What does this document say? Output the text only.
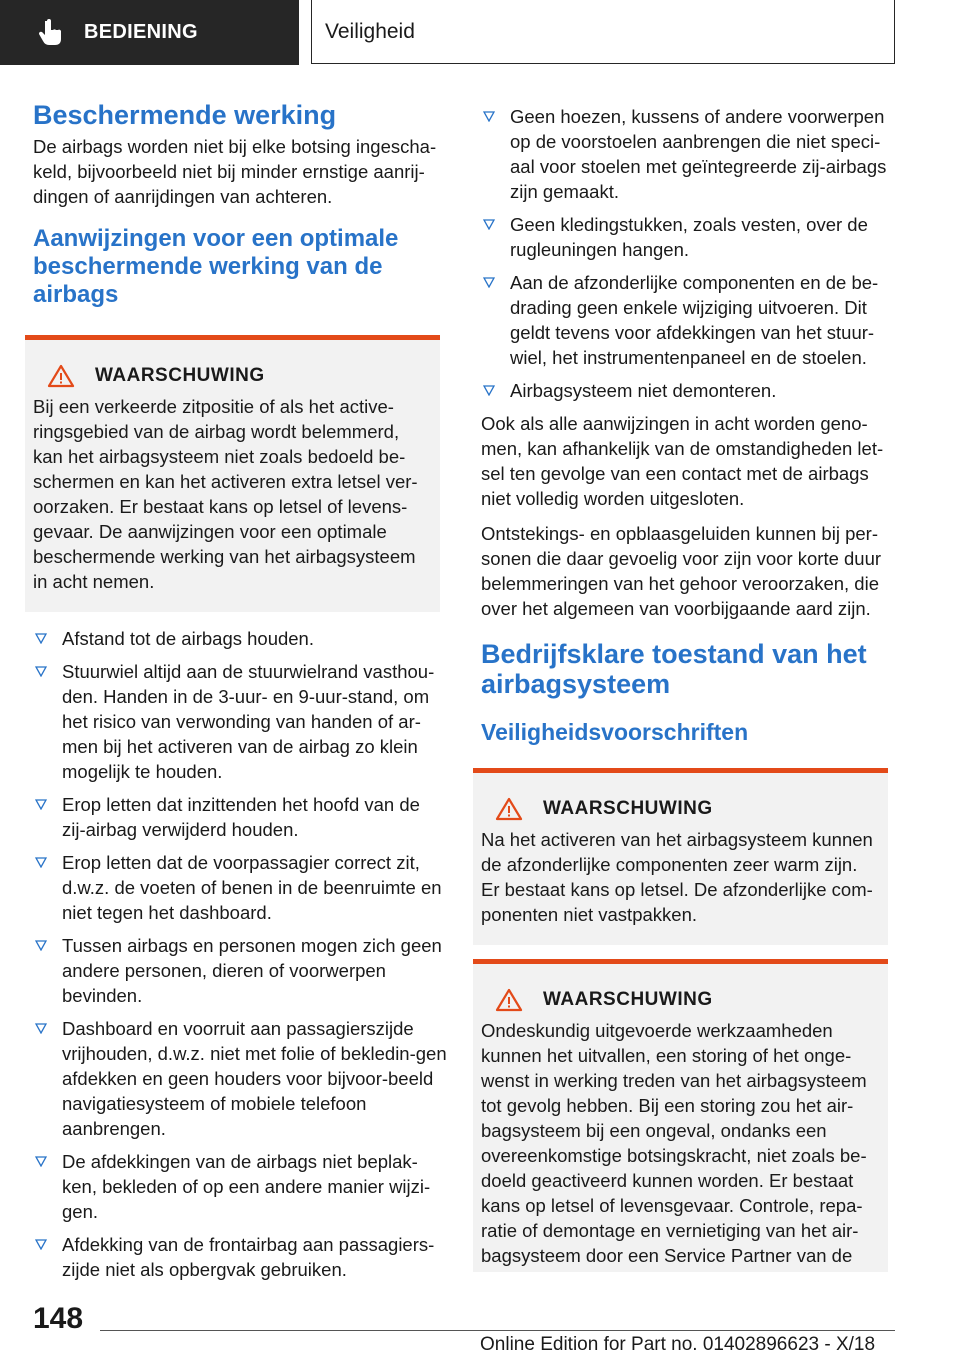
BEDIENING	Veiligheid
Beschermende werking

De airbags worden niet bij elke botsing ingescha-keld, bijvoorbeeld niet bij minder ernstige aanrij-dingen of aanrijdingen van achteren.

Aanwijzingen voor een optimale beschermende werking van de airbags
WAARSCHUWING

Bij een verkeerde zitpositie of als het active-ringsgebied van de airbag wordt belemmerd, kan het airbagsysteem niet zoals bedoeld be-schermen en kan het activeren extra letsel ver-oorzaken. Er bestaat kans op letsel of levens-gevaar. De aanwijzingen voor een optimale beschermende werking van het airbagsysteem in acht nemen.

Afstand tot de airbags houden.
Stuurwiel altijd aan de stuurwielrand vasthou-den. Handen in de 3-uur- en 9-uur-stand, om het risico van verwonding van handen of ar-men bij het activeren van de airbag zo klein mogelijk te houden.
Erop letten dat inzittenden het hoofd van de zij-airbag verwijderd houden.
Erop letten dat de voorpassagier correct zit, d.w.z. de voeten of benen in de beenruimte en niet tegen het dashboard.
Tussen airbags en personen mogen zich geen andere personen, dieren of voorwerpen bevinden.
Dashboard en voorruit aan passagierszijde vrijhouden, d.w.z. niet met folie of bekledin-gen afdekken en geen houders voor bijvoor-beeld navigatiesysteem of mobiele telefoon aanbrengen.
De afdekkingen van de airbags niet beplak-ken, bekleden of op een andere manier wijzi-gen.
Afdekking van de frontairbag aan passagiers-zijde niet als opbergvak gebruiken.
Geen hoezen, kussens of andere voorwerpen op de voorstoelen aanbrengen die niet speci-aal voor stoelen met geïntegreerde zij-airbags zijn gemaakt.
Geen kledingstukken, zoals vesten, over de rugleuningen hangen.
Aan de afzonderlijke componenten en de be-drading geen enkele wijziging uitvoeren. Dit geldt tevens voor afdekkingen van het stuur-wiel, het instrumentenpaneel en de stoelen.
Airbagsysteem niet demonteren.

Ook als alle aanwijzingen in acht worden geno-men, kan afhankelijk van de omstandigheden let-sel ten gevolge van een contact met de airbags niet volledig worden uitgesloten.

Ontstekings- en opblaasgeluiden kunnen bij per-sonen die daar gevoelig voor zijn voor korte duur belemmeringen van het gehoor veroorzaken, die over het algemeen van voorbijgaande aard zijn.

Bedrijfsklare toestand van het airbagsysteem
Veiligheidsvoorschriften
WAARSCHUWING

Na het activeren van het airbagsysteem kunnen de afzonderlijke componenten zeer warm zijn. Er bestaat kans op letsel. De afzonderlijke com-ponenten niet vastpakken.

WAARSCHUWING

Ondeskundig uitgevoerde werkzaamheden kunnen het uitvallen, een storing of het onge-wenst in werking treden van het airbagsysteem tot gevolg hebben. Bij een storing zou het air-bagsysteem bij een ongeval, ondanks een overeenkomstige botsingskracht, niet zoals be-doeld geactiveerd kunnen worden. Er bestaat kans op letsel of levensgevaar. Controle, repa-ratie of demontage en vernietiging van het air-bagsysteem door een Service Partner van de

148
Online Edition for Part no. 01402896623 - X/18
